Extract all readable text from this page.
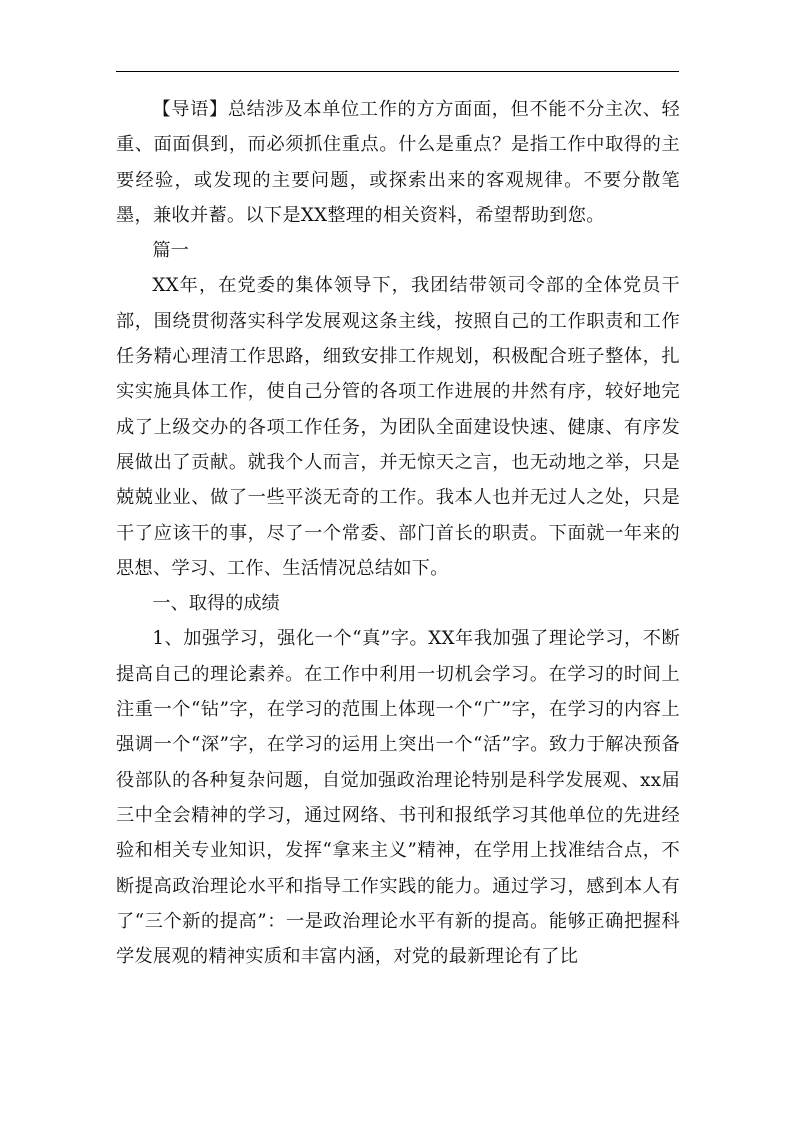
【导语】总结涉及本单位工作的方方面面，但不能不分主次、轻重、面面俱到，而必须抓住重点。什么是重点？是指工作中取得的主要经验，或发现的主要问题，或探索出来的客观规律。不要分散笔墨，兼收并蓄。以下是XX整理的相关资料，希望帮助到您。

篇一

XX年，在党委的集体领导下，我团结带领司令部的全体党员干部，围绕贯彻落实科学发展观这条主线，按照自己的工作职责和工作任务精心理清工作思路，细致安排工作规划，积极配合班子整体，扎实实施具体工作，使自己分管的各项工作进展的井然有序，较好地完成了上级交办的各项工作任务，为团队全面建设快速、健康、有序发展做出了贡献。就我个人而言，并无惊天之言，也无动地之举，只是兢兢业业、做了一些平淡无奇的工作。我本人也并无过人之处，只是干了应该干的事，尽了一个常委、部门首长的职责。下面就一年来的思想、学习、工作、生活情况总结如下。

一、取得的成绩

1、加强学习，强化一个“真”字。XX年我加强了理论学习，不断提高自己的理论素养。在工作中利用一切机会学习。在学习的时间上注重一个“钻”字，在学习的范围上体现一个“广”字，在学习的内容上强调一个“深”字，在学习的运用上突出一个“活”字。致力于解决预备役部队的各种复杂问题，自觉加强政治理论特别是科学发展观、xx届三中全会精神的学习，通过网络、书刊和报纸学习其他单位的先进经验和相关专业知识，发挥“拿来主义”精神，在学用上找准结合点，不断提高政治理论水平和指导工作实践的能力。通过学习，感到本人有了“三个新的提高”：一是政治理论水平有新的提高。能够正确把握科学发展观的精神实质和丰富内涵，对党的最新理论有了比
